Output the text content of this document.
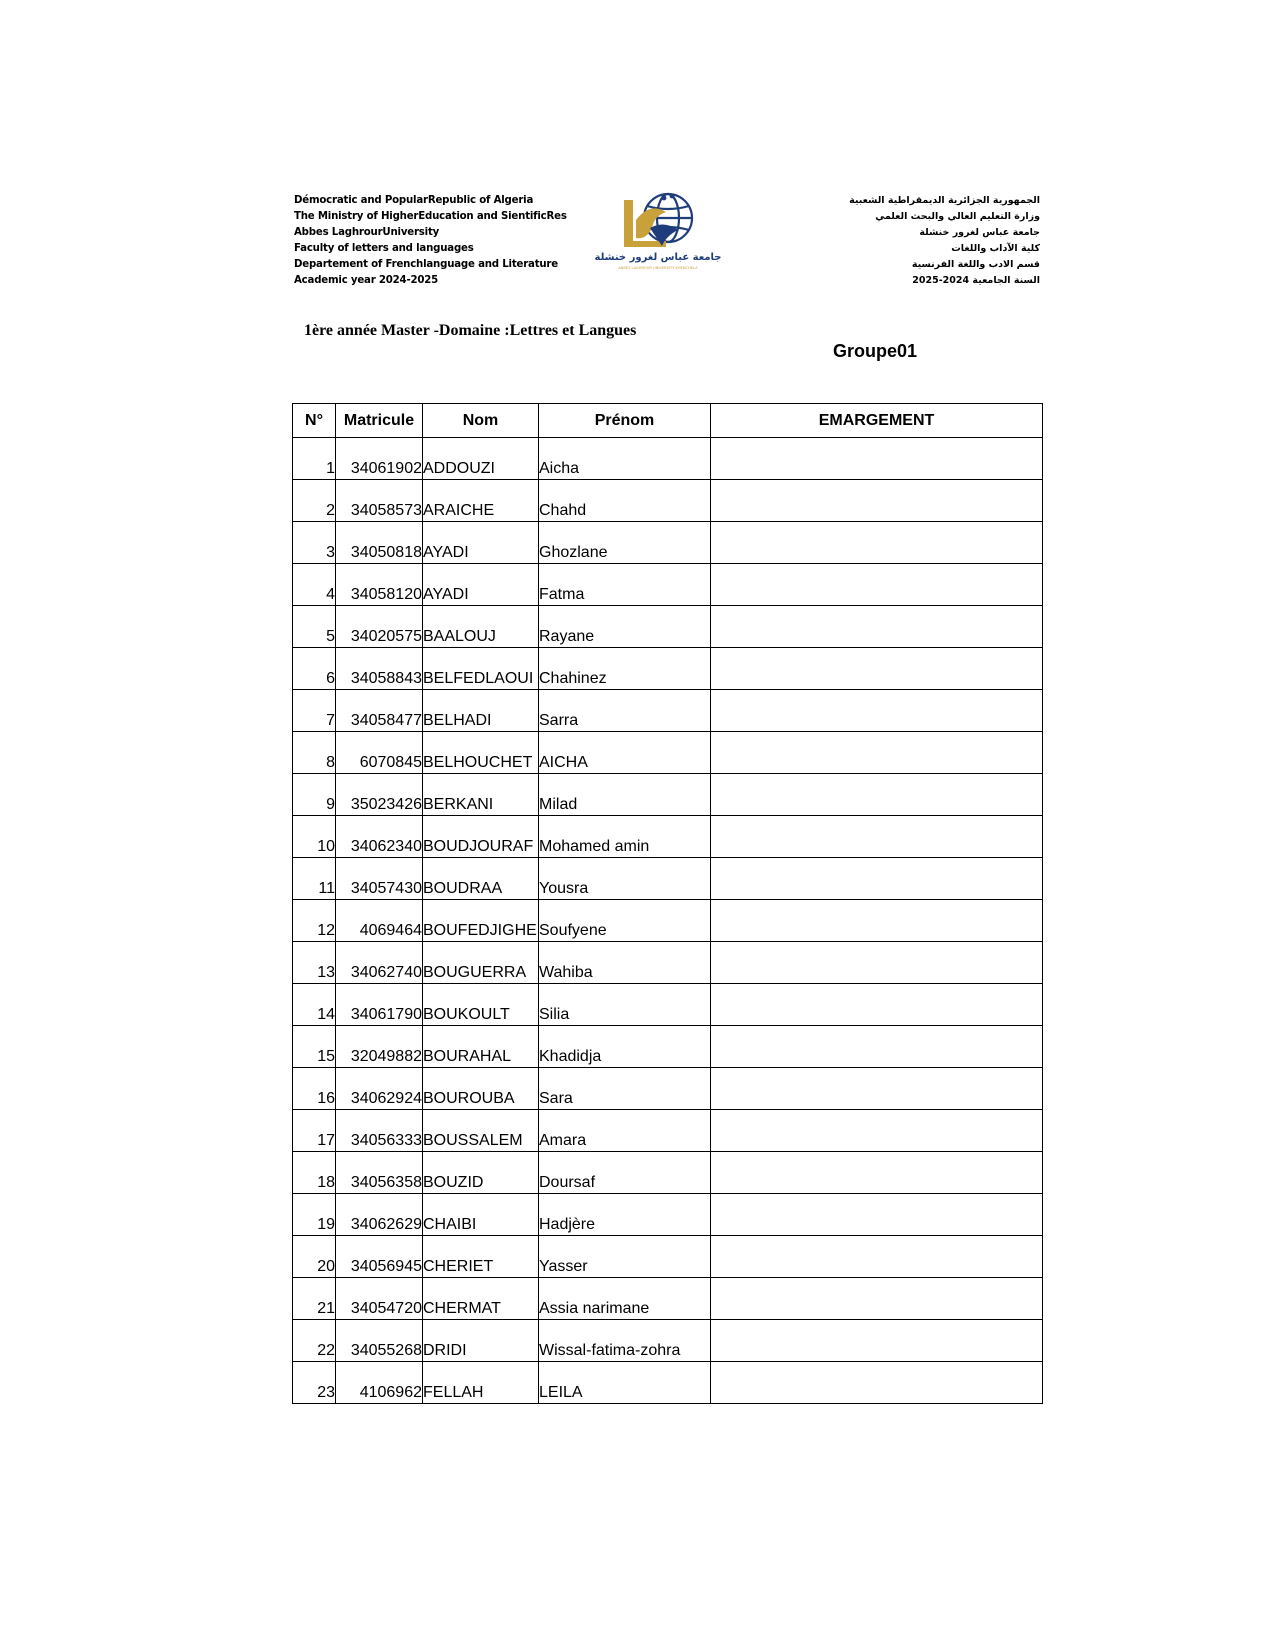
Démocratic and PopularRepublic of Algeria
The Ministry of HigherEducation and SientificRes
Abbes LaghrourUniversity
Faculty of letters and languages
Departement of Frenchlanguage and Literature
Academic year 2024-2025
جامعة عباس لغرور خنشلة
ABBES LAGHROUR UNIVERSITY KHENCHELA
الجمهورية الجزائرية الديمقراطية الشعبية
وزارة التعليم العالي والبحث العلمي
جامعة عباس لغرور خنشلة
كلية الآداب واللغات
قسم الادب واللغة الفرنسية
السنة الجامعية 2024-2025
1ère année Master -Domaine :Lettres et Langues
Groupe01
N°	Matricule	Nom	Prénom	EMARGEMENT
1	34061902	ADDOUZI	Aicha	
2	34058573	ARAICHE	Chahd	
3	34050818	AYADI	Ghozlane	
4	34058120	AYADI	Fatma	
5	34020575	BAALOUJ	Rayane	
6	34058843	BELFEDLAOUI	Chahinez	
7	34058477	BELHADI	Sarra	
8	6070845	BELHOUCHET	AICHA	
9	35023426	BERKANI	Milad	
10	34062340	BOUDJOURAF	Mohamed amin	
11	34057430	BOUDRAA	Yousra	
12	4069464	BOUFEDJIGHE	Soufyene	
13	34062740	BOUGUERRA	Wahiba	
14	34061790	BOUKOULT	Silia	
15	32049882	BOURAHAL	Khadidja	
16	34062924	BOUROUBA	Sara	
17	34056333	BOUSSALEM	Amara	
18	34056358	BOUZID	Doursaf	
19	34062629	CHAIBI	Hadjère	
20	34056945	CHERIET	Yasser	
21	34054720	CHERMAT	Assia narimane	
22	34055268	DRIDI	Wissal-fatima-zohra	
23	4106962	FELLAH	LEILA	
